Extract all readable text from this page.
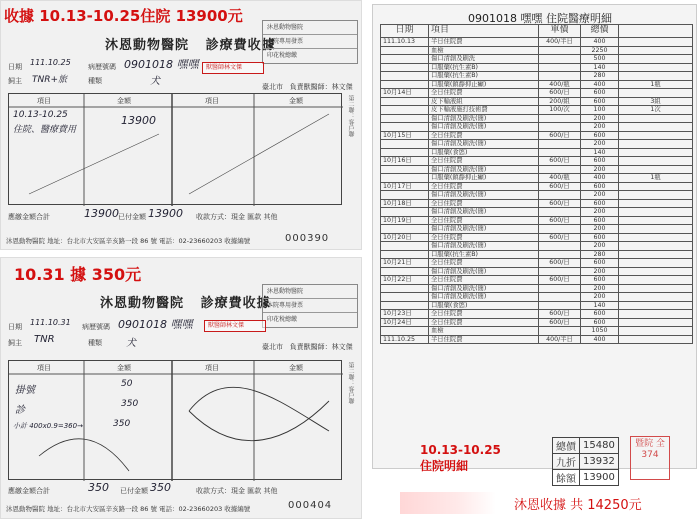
收據 10.13-10.25住院 13900元
沐恩動物醫院 診療費收據
沐恩動物醫院
本院專用發票
印花稅總繳
獸醫師林文傑
日期 111.10.25 病歷號碼 0901018 嘿嘿
飼主 TNR+旅	種類	犬	臺北市   負責獸醫師：林文傑
項目	金額	項目	金額
10.13-10.25
住院、醫療費用
13900
應繳金額合計	13900 已付金額 13900 收款方式：現金 匯款 其他
沐恩動物醫院 地址：台北市大安區辛亥路一段 86 號 電話：02-23660203 收據編號	000390
第二聯：客戶聯
10.31 據 350元
沐恩動物醫院 診療費收據
沐恩動物醫院
本院專用發票
印花稅總繳
獸醫師林文傑
日期 111.10.31 病歷號碼 0901018 嘿嘿
飼主 TNR	種類 犬	臺北市   負責獸醫師：林文傑
項目	金額	項目	金額
掛號
50
診
350
小計 400x0.9=360→	350
應繳金額合計	350 已付金額 350	收款方式：現金 匯款 其他
沐恩動物醫院 地址：台北市大安區辛亥路一段 86 號 電話：02-23660203 收據編號	000404
第二聯：客戶聯
0901018 嘿嘿 住院醫療明細
日期	項目	單價	總價	
111.10.13	半日住院費	400/半日	400	
	血檢		2250	
	傷口清創及刷洗		500	
	口服藥(抗生素B)		140	
	口服藥(抗生素B)		280	
	口服藥(鎮靜抑止癲)	400/瓶	400	1瓶
10月14日	全日住院費	600/日	600	
	皮下輸液組	200/組	600	3組
	皮下輸液施打技術費	100/次	100	1次
	傷口清創及刷洗(簡)		200	
	傷口清創及刷洗(簡)		200	
10月15日	全日住院費	600/日	600	
	傷口清創及刷洗(簡)		200	
	口服藥(食慾)		140	
10月16日	全日住院費	600/日	600	
	傷口清創及刷洗(簡)		200	
	口服藥(鎮靜抑止癲)	400/瓶	400	1瓶
10月17日	全日住院費	600/日	600	
	傷口清創及刷洗(簡)		200	
10月18日	全日住院費	600/日	600	
	傷口清創及刷洗(簡)		200	
10月19日	全日住院費	600/日	600	
	傷口清創及刷洗(簡)		200	
10月20日	全日住院費	600/日	600	
	傷口清創及刷洗(簡)		200	
	口服藥(抗生素B)		280	
10月21日	全日住院費	600/日	600	
	傷口清創及刷洗(簡)		200	
10月22日	全日住院費	600/日	600	
	傷口清創及刷洗(簡)		200	
	傷口清創及刷洗(簡)		200	
	口服藥(食慾)		140	
10月23日	全日住院費	600/日	600	
10月24日	全日住院費	600/日	600	
	血檢		1050	
111.10.25	半日住院費	400/半日	400	
總價	15480
九折	13932
餘額	13900
暨院 全 374
10.13-10.25
住院明細
沐恩收據 共 14250元
